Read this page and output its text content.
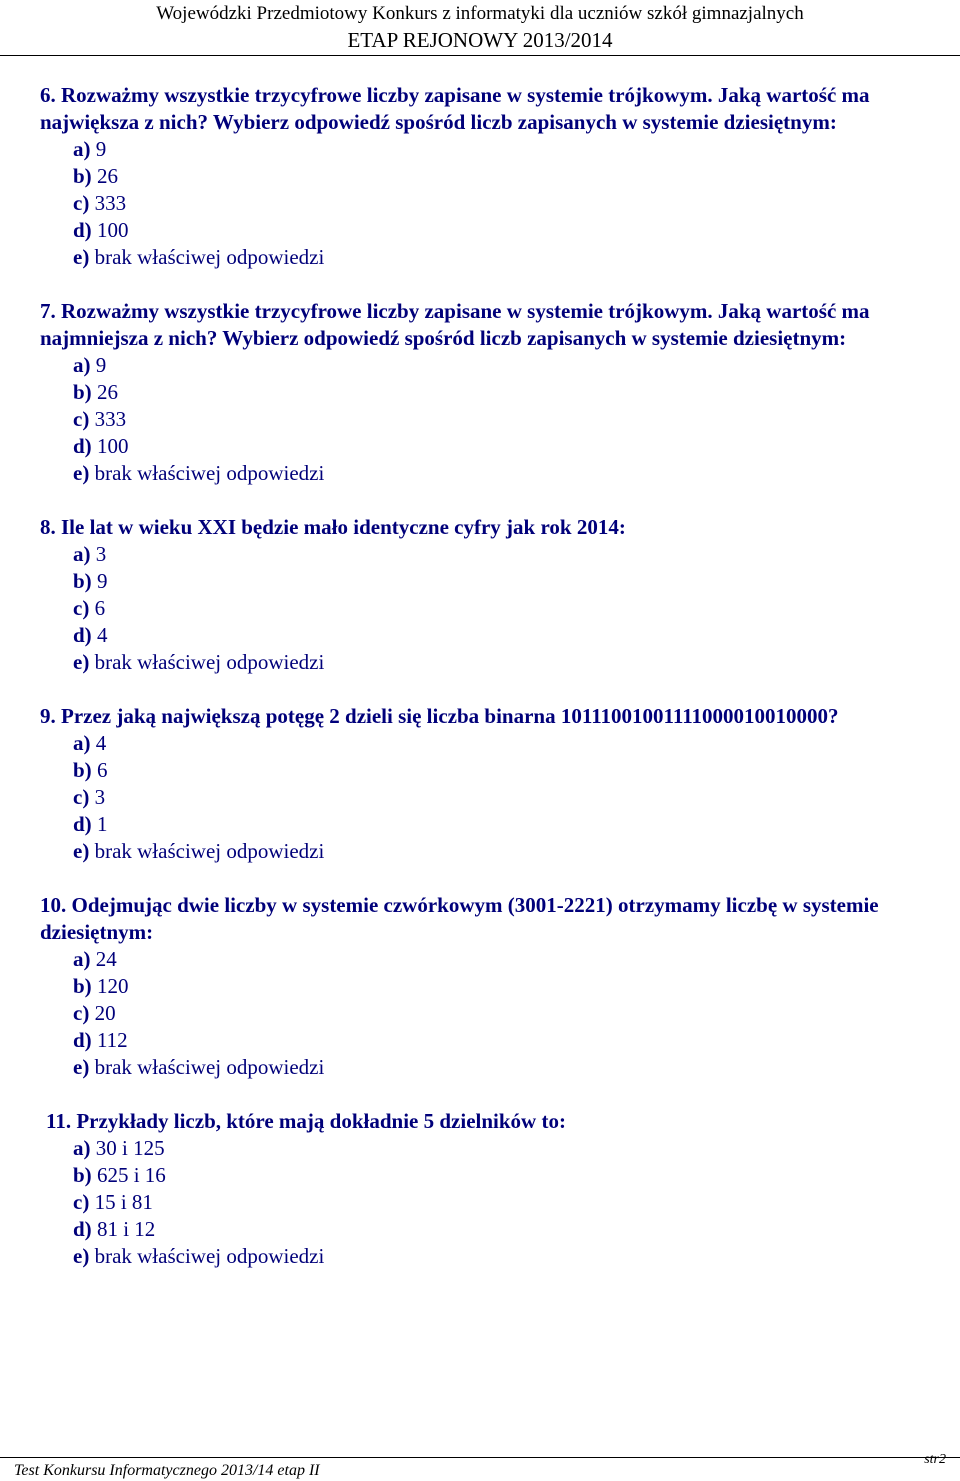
Wojewódzki Przedmiotowy Konkurs z informatyki dla uczniów szkół gimnazjalnych
ETAP REJONOWY 2013/2014
6. Rozważmy wszystkie trzycyfrowe liczby zapisane w systemie trójkowym. Jaką wartość ma największa z nich? Wybierz odpowiedź spośród liczb zapisanych w systemie dziesiętnym:
a) 9
b) 26
c) 333
d) 100
e) brak właściwej odpowiedzi
7. Rozważmy wszystkie trzycyfrowe liczby zapisane w systemie trójkowym. Jaką wartość ma najmniejsza z nich? Wybierz odpowiedź spośród liczb zapisanych w systemie dziesiętnym:
a) 9
b) 26
c) 333
d) 100
e) brak właściwej odpowiedzi
8. Ile lat w wieku XXI będzie mało identyczne cyfry jak rok 2014:
a) 3
b) 9
c) 6
d) 4
e) brak właściwej odpowiedzi
9. Przez jaką największą potęgę 2 dzieli się liczba binarna 10111001001111000010010000?
a) 4
b) 6
c) 3
d) 1
e) brak właściwej odpowiedzi
10. Odejmując dwie liczby w systemie czwórkowym (3001-2221) otrzymamy liczbę w systemie dziesiętnym:
a) 24
b) 120
c) 20
d) 112
e) brak właściwej odpowiedzi
11. Przykłady liczb, które mają dokładnie 5 dzielników to:
a) 30 i 125
b) 625 i 16
c) 15 i 81
d) 81 i 12
e) brak właściwej odpowiedzi
Test Konkursu Informatycznego 2013/14 etap II
str2
